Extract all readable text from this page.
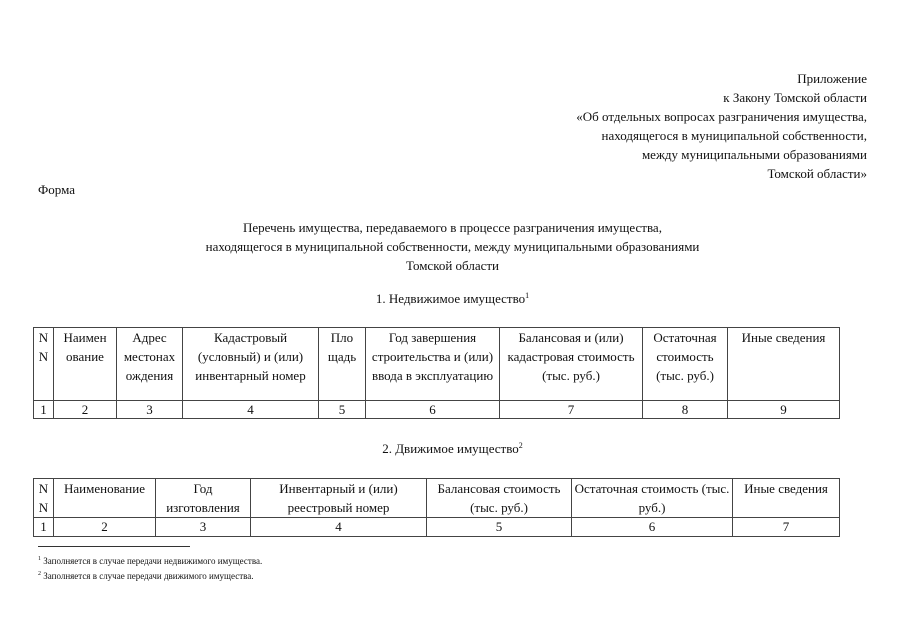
Приложение
к Закону Томской области
«Об отдельных вопросах разграничения имущества,
находящегося в муниципальной собственности,
между муниципальными образованиями
Томской области»
Форма
Перечень имущества, передаваемого в процессе разграничения имущества,
находящегося в муниципальной собственности, между муниципальными образованиями
Томской области
1. Недвижимое имущество$^1$
N N	Наимен ование	Адрес местонах ождения	Кадастровый (условный) и (или) инвентарный номер	Пло щадь	Год завершения строительства и (или) ввода в эксплуатацию	Балансовая и (или) кадастровая стоимость (тыс. руб.)	Остаточная стоимость (тыс. руб.)	Иные сведения
1	2	3	4	5	6	7	8	9
2. Движимое имущество$^2$
N N	Наименование	Год изготовления	Инвентарный и (или) реестровый номер	Балансовая стоимость (тыс. руб.)	Остаточная стоимость (тыс. руб.)	Иные сведения
1	2	3	4	5	6	7
$^1$ Заполняется в случае передачи недвижимого имущества.
$^2$ Заполняется в случае передачи движимого имущества.
